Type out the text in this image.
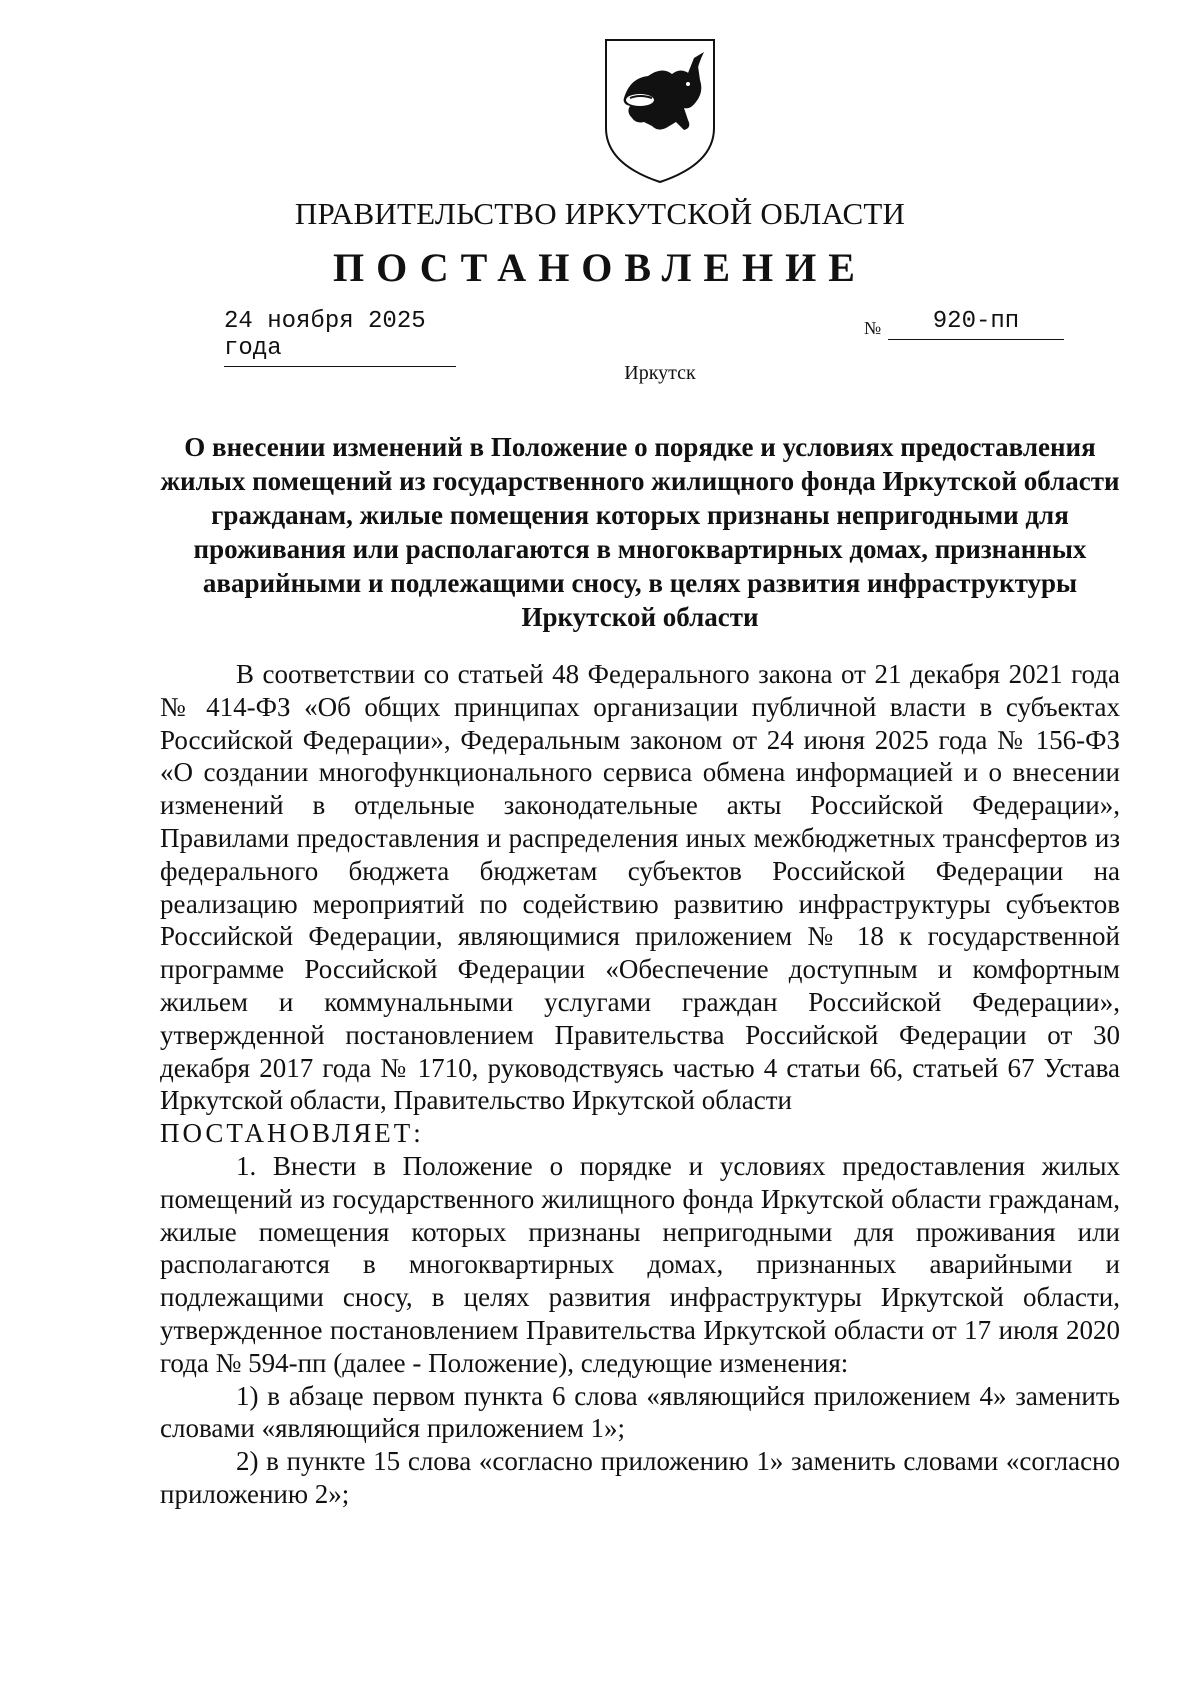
ПРАВИТЕЛЬСТВО ИРКУТСКОЙ ОБЛАСТИ
ПОСТАНОВЛЕНИЕ
24 ноября 2025 года
№	920-пп
Иркутск
О внесении изменений в Положение о порядке и условиях предоставления жилых помещений из государственного жилищного фонда Иркутской области гражданам, жилые помещения которых признаны непригодными для проживания или располагаются в многоквартирных домах, признанных аварийными и подлежащими сносу, в целях развития инфраструктуры Иркутской области

В соответствии со статьей 48 Федерального закона от 21 декабря 2021 года № 414-ФЗ «Об общих принципах организации публичной власти в субъектах Российской Федерации», Федеральным законом от 24 июня 2025 года № 156-ФЗ «О создании многофункционального сервиса обмена информацией и о внесении изменений в отдельные законодательные акты Российской Федерации», Правилами предоставления и распределения иных межбюджетных трансфертов из федерального бюджета бюджетам субъектов Российской Федерации на реализацию мероприятий по содействию развитию инфраструктуры субъектов Российской Федерации, являющимися приложением № 18 к государственной программе Российской Федерации «Обеспечение доступным и комфортным жильем и коммунальными услугами граждан Российской Федерации», утвержденной постановлением Правительства Российской Федерации от 30 декабря 2017 года № 1710, руководствуясь частью 4 статьи 66, статьей 67 Устава Иркутской области, Правительство Иркутской области

ПОСТАНОВЛЯЕТ:

1. Внести в Положение о порядке и условиях предоставления жилых помещений из государственного жилищного фонда Иркутской области гражданам, жилые помещения которых признаны непригодными для проживания или располагаются в многоквартирных домах, признанных аварийными и подлежащими сносу, в целях развития инфраструктуры Иркутской области, утвержденное постановлением Правительства Иркутской области от 17 июля 2020 года № 594-пп (далее - Положение), следующие изменения:

1) в абзаце первом пункта 6 слова «являющийся приложением 4» заменить словами «являющийся приложением 1»;

2) в пункте 15 слова «согласно приложению 1» заменить словами «согласно приложению 2»;
